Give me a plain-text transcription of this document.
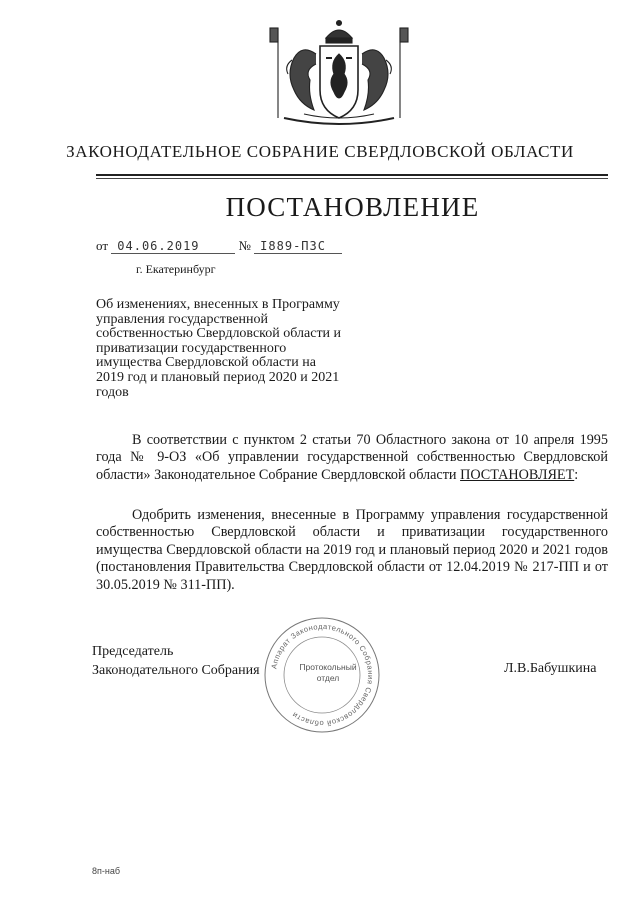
ЗАКОНОДАТЕЛЬНОЕ СОБРАНИЕ СВЕРДЛОВСКОЙ ОБЛАСТИ
ПОСТАНОВЛЕНИЕ
от 04.06.2019	№ I889-ПЗС
г. Екатеринбург
Об изменениях, внесенных в Программу управления государственной собственностью Свердловской области и приватизации государственного имущества Свердловской области на 2019 год и плановый период 2020 и 2021 годов
В соответствии с пунктом 2 статьи 70 Областного закона от 10 апреля 1995 года № 9-ОЗ «Об управлении государственной собственностью Свердловской области» Законодательное Собрание Свердловской области ПОСТАНОВЛЯЕТ:
Одобрить изменения, внесенные в Программу управления государственной собственностью Свердловской области и приватизации государственного имущества Свердловской области на 2019 год и плановый период 2020 и 2021 годов (постановления Правительства Свердловской области от 12.04.2019 № 217-ПП и от 30.05.2019 № 311-ПП).
Аппарат Законодательного Собрания Свердловской области
Протокольный
отдел
Председатель
Законодательного Собрания	Л.В.Бабушкина
8п-наб
